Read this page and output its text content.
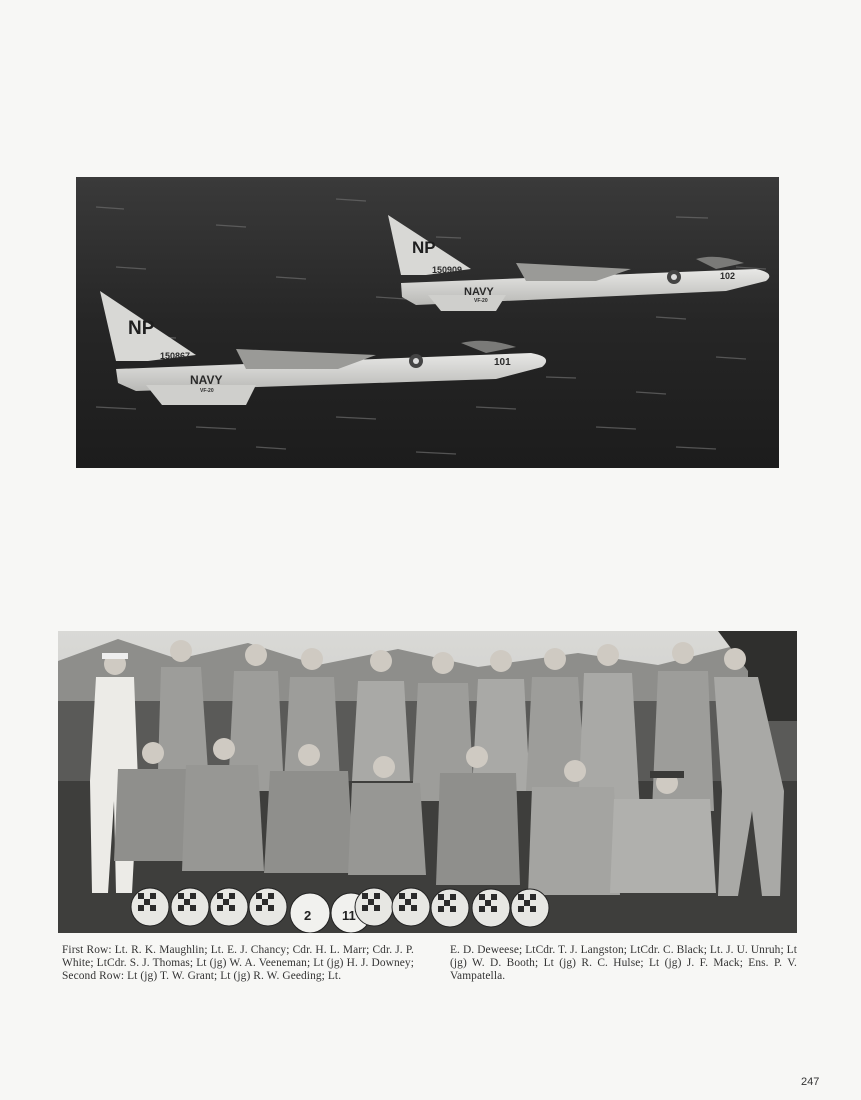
NP
150909
NAVY
VF-20
102
NP
150867
NAVY
VF-20
101
2 11
First Row: Lt. R. K. Maughlin; Lt. E. J. Chancy; Cdr. H. L. Marr; Cdr. J. P. White; LtCdr. S. J. Thomas; Lt (jg) W. A. Veeneman; Lt (jg) H. J. Downey; Second Row: Lt (jg) T. W. Grant; Lt (jg) R. W. Geeding; Lt.
E. D. Deweese; LtCdr. T. J. Langston; LtCdr. C. Black; Lt. J. U. Unruh; Lt (jg) W. D. Booth; Lt (jg) R. C. Hulse; Lt (jg) J. F. Mack; Ens. P. V. Vampatella.
247
